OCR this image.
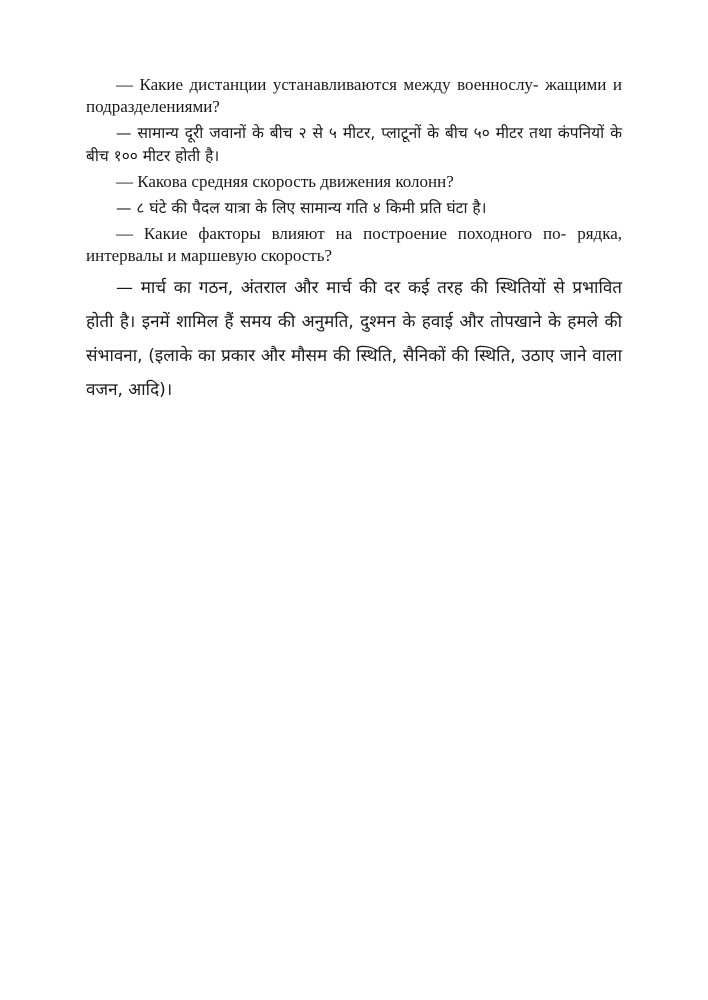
— Какие дистанции устанавливаются между военнослу- жащими и подразделениями?

— सामान्य दूरी जवानों के बीच २ से ५ मीटर, प्लाटूनों के बीच ५० मीटर तथा कंपनियों के बीच १०० मीटर होती है।

— Какова средняя скорость движения колонн?

— ८ घंटे की पैदल यात्रा के लिए सामान्य गति ४ किमी प्रति घंटा है।

— Какие факторы влияют на построение походного по- рядка, интервалы и маршевую скорость?

— मार्च का गठन, अंतराल और मार्च की दर कई तरह की स्थितियों से प्रभावित होती है। इनमें शामिल हैं समय की अनुमति, दुश्मन के हवाई और तोपखाने के हमले की संभावना, (इलाके का प्रकार और मौसम की स्थिति, सैनिकों की स्थिति, उठाए जाने वाला वजन, आदि)।
